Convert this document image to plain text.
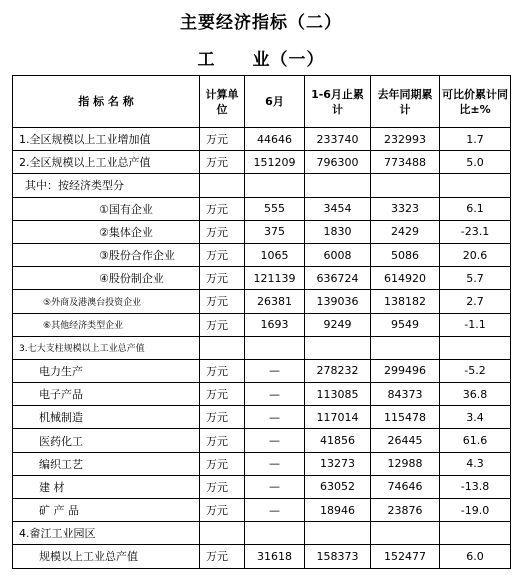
主要经济指标（二）
工 业（一）
指 标 名 称	计算单位	6月	1-6月止累计	去年同期累计	可比价累计同比±%
1.全区规模以上工业增加值	万元	44646	233740	232993	1.7
2.全区规模以上工业总产值	万元	151209	796300	773488	5.0
其中：按经济类型分					
①国有企业	万元	555	3454	3323	6.1
②集体企业	万元	375	1830	2429	-23.1
③股份合作企业	万元	1065	6008	5086	20.6
④股份制企业	万元	121139	636724	614920	5.7
⑤外商及港澳台投资企业	万元	26381	139036	138182	2.7
⑥其他经济类型企业	万元	1693	9249	9549	-1.1
3.七大支柱规模以上工业总产值					
电力生产	万元	—	278232	299496	-5.2
电子产品	万元	—	113085	84373	36.8
机械制造	万元	—	117014	115478	3.4
医药化工	万元	—	41856	26445	61.6
编织工艺	万元	—	13273	12988	4.3
建 材	万元	—	63052	74646	-13.8
矿 产 品	万元	—	18946	23876	-19.0
4.畲江工业园区					
规模以上工业总产值	万元	31618	158373	152477	6.0
